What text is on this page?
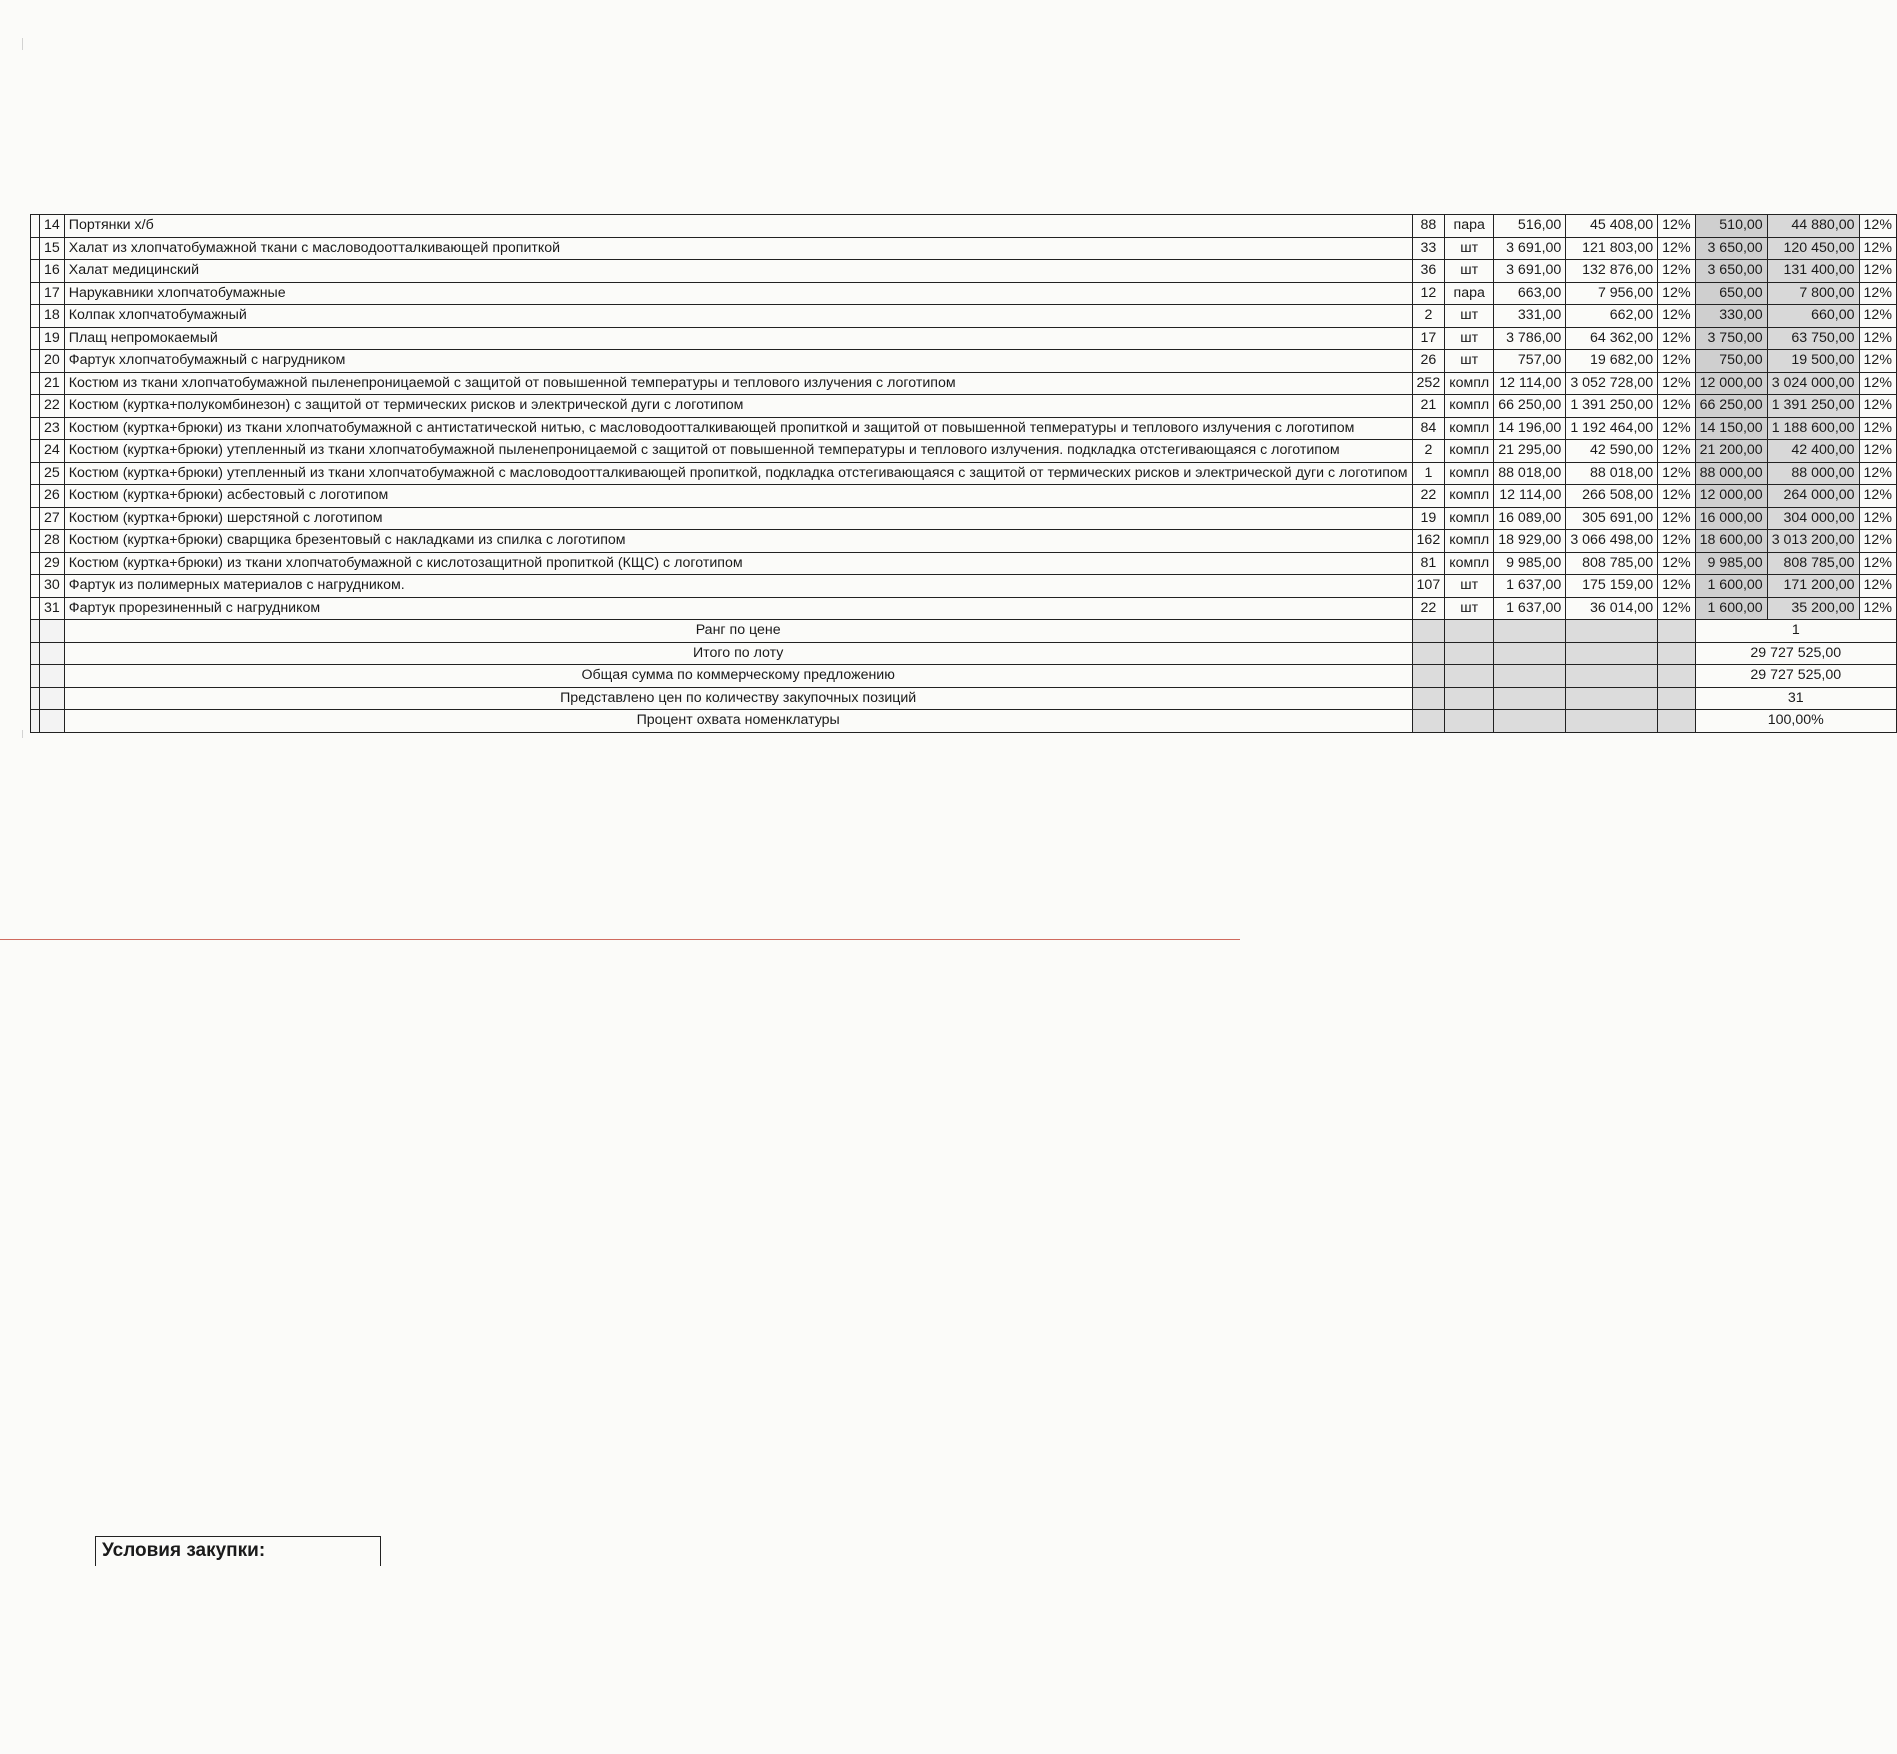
	14	Портянки х/б	88	пара	516,00	45 408,00	12%	510,00	44 880,00	12%
	15	Халат из хлопчатобумажной ткани с масловодоотталкивающей пропиткой	33	шт	3 691,00	121 803,00	12%	3 650,00	120 450,00	12%
	16	Халат медицинский	36	шт	3 691,00	132 876,00	12%	3 650,00	131 400,00	12%
	17	Нарукавники хлопчатобумажные	12	пара	663,00	7 956,00	12%	650,00	7 800,00	12%
	18	Колпак хлопчатобумажный	2	шт	331,00	662,00	12%	330,00	660,00	12%
	19	Плащ непромокаемый	17	шт	3 786,00	64 362,00	12%	3 750,00	63 750,00	12%
	20	Фартук хлопчатобумажный с нагрудником	26	шт	757,00	19 682,00	12%	750,00	19 500,00	12%
	21	Костюм из ткани хлопчатобумажной пыленепроницаемой с защитой от повышенной температуры и теплового излучения с логотипом	252	компл	12 114,00	3 052 728,00	12%	12 000,00	3 024 000,00	12%
	22	Костюм (куртка+полукомбинезон) с защитой от термических рисков и электрической дуги с логотипом	21	компл	66 250,00	1 391 250,00	12%	66 250,00	1 391 250,00	12%
	23	Костюм (куртка+брюки) из ткани хлопчатобумажной с антистатической нитью, с масловодоотталкивающей пропиткой и защитой от повышенной тепмературы и теплового излучения с логотипом	84	компл	14 196,00	1 192 464,00	12%	14 150,00	1 188 600,00	12%
	24	Костюм (куртка+брюки) утепленный из ткани хлопчатобумажной пыленепроницаемой с защитой от повышенной температуры и теплового излучения. подкладка отстегивающаяся с логотипом	2	компл	21 295,00	42 590,00	12%	21 200,00	42 400,00	12%
	25	Костюм (куртка+брюки) утепленный из ткани хлопчатобумажной с масловодоотталкивающей пропиткой, подкладка отстегивающаяся с защитой от термических рисков и электрической дуги с логотипом	1	компл	88 018,00	88 018,00	12%	88 000,00	88 000,00	12%
	26	Костюм (куртка+брюки) асбестовый с логотипом	22	компл	12 114,00	266 508,00	12%	12 000,00	264 000,00	12%
	27	Костюм (куртка+брюки) шерстяной с логотипом	19	компл	16 089,00	305 691,00	12%	16 000,00	304 000,00	12%
	28	Костюм (куртка+брюки) сварщика брезентовый с накладками из спилка с логотипом	162	компл	18 929,00	3 066 498,00	12%	18 600,00	3 013 200,00	12%
	29	Костюм (куртка+брюки) из ткани хлопчатобумажной с кислотозащитной пропиткой (КЩС) с логотипом	81	компл	9 985,00	808 785,00	12%	9 985,00	808 785,00	12%
	30	Фартук из полимерных материалов с нагрудником.	107	шт	1 637,00	175 159,00	12%	1 600,00	171 200,00	12%
	31	Фартук прорезиненный с нагрудником	22	шт	1 637,00	36 014,00	12%	1 600,00	35 200,00	12%
		Ранг по цене						1		
		Итого по лоту						29 727 525,00		
		Общая сумма по коммерческому предложению						29 727 525,00		
		Представлено цен по количеству закупочных позиций						31		
		Процент охвата номенклатуры						100,00%		
Условия закупки:
